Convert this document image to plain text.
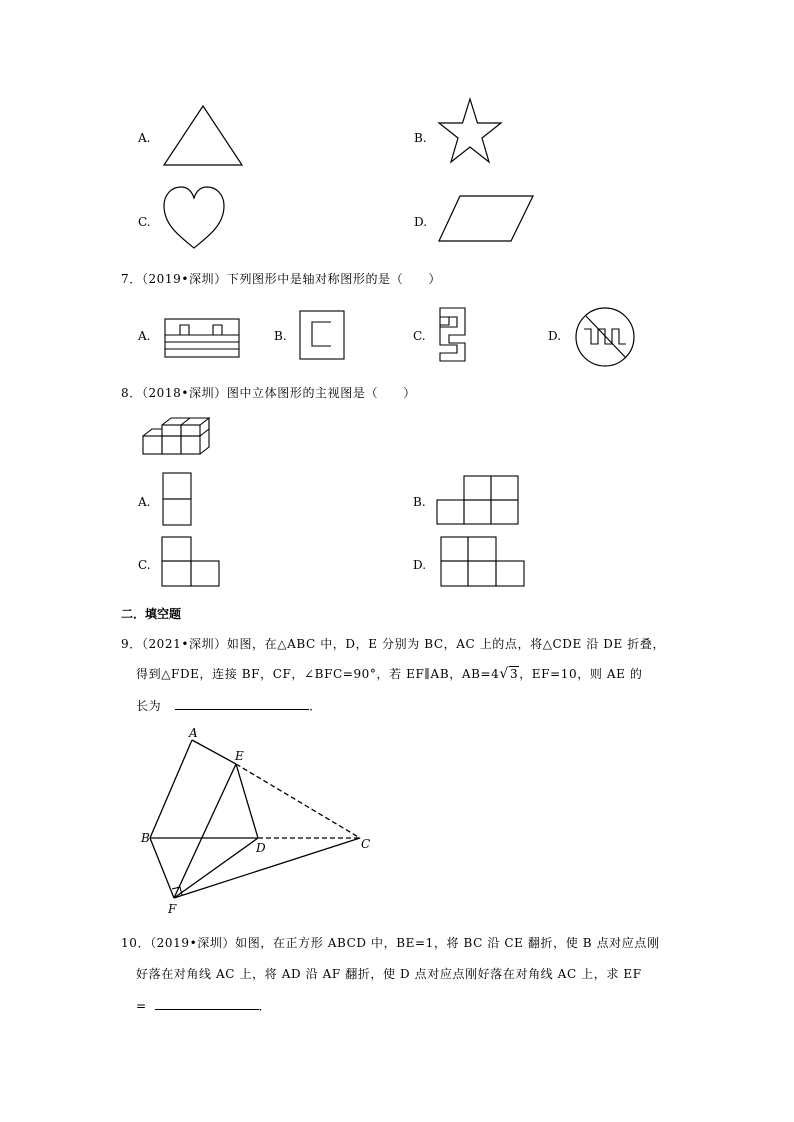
A.	B.
C.	D.
7．（2019•深圳）下列图形中是轴对称图形的是（　　）
A.	B.	C.	D.
8．（2018•深圳）图中立体图形的主视图是（　　）
A.	B.
C.	D.
二．填空题
9．（2021•深圳）如图，在△ABC 中，D，E 分别为 BC，AC 上的点，将△CDE 沿 DE 折叠，
得到△FDE，连接 BF，CF，∠BFC=90°，若 EF∥AB，AB=4√3，EF=10，则 AE 的
长为	．
A
E
B
D	C
F
10．（2019•深圳）如图，在正方形 ABCD 中，BE=1，将 BC 沿 CE 翻折，使 B 点对应点刚
好落在对角线 AC 上，将 AD 沿 AF 翻折，使 D 点对应点刚好落在对角线 AC 上，求 EF
=	．
